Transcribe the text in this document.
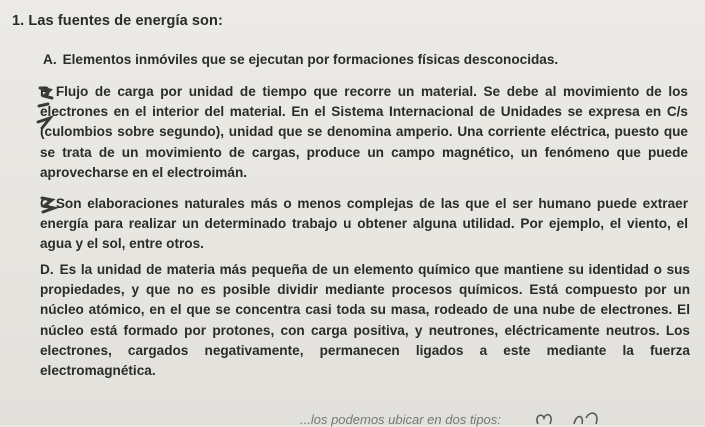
1. Las fuentes de energía son:
A. Elementos inmóviles que se ejecutan por formaciones físicas desconocidas.
B Flujo de carga por unidad de tiempo que recorre un material. Se debe al movimiento de los electrones en el interior del material. En el Sistema Internacional de Unidades se expresa en C/s (culombios sobre segundo), unidad que se denomina amperio. Una corriente eléctrica, puesto que se trata de un movimiento de cargas, produce un campo magnético, un fenómeno que puede aprovecharse en el electroimán.
C Son elaboraciones naturales más o menos complejas de las que el ser humano puede extraer energía para realizar un determinado trabajo u obtener alguna utilidad. Por ejemplo, el viento, el agua y el sol, entre otros.
D. Es la unidad de materia más pequeña de un elemento químico que mantiene su identidad o sus propiedades, y que no es posible dividir mediante procesos químicos. Está compuesto por un núcleo atómico, en el que se concentra casi toda su masa, rodeado de una nube de electrones. El núcleo está formado por protones, con carga positiva, y neutrones, eléctricamente neutros. Los electrones, cargados negativamente, permanecen ligados a este mediante la fuerza electromagnética.
...los podemos ubicar en dos tipos:
